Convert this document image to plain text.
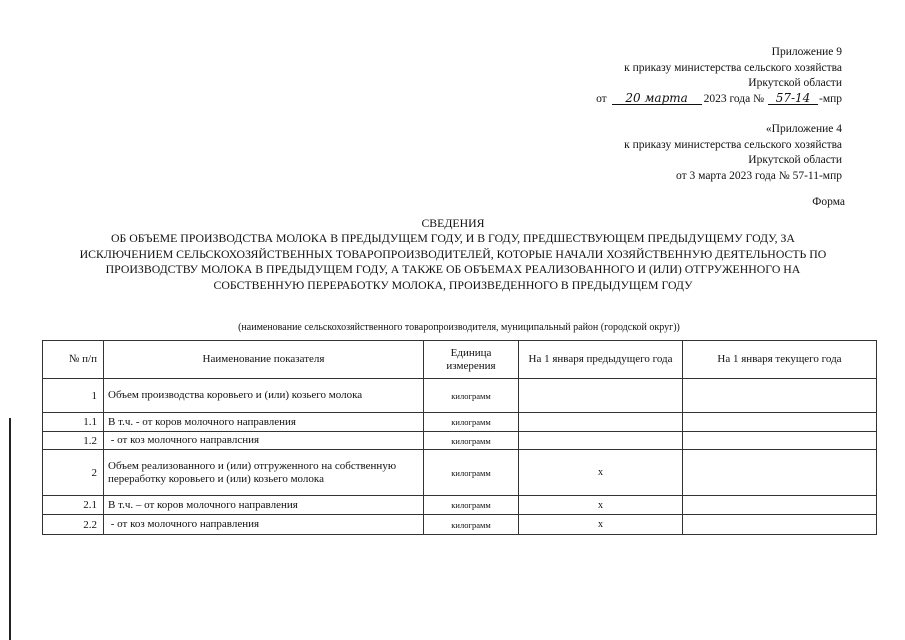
Приложение 9
к приказу министерства сельского хозяйства
Иркутской области
от 20 марта 2023 года № 57-14 -мпр
«Приложение 4
к приказу министерства сельского хозяйства
Иркутской области
от 3 марта 2023 года № 57-11-мпр
Форма
СВЕДЕНИЯ
ОБ ОБЪЕМЕ ПРОИЗВОДСТВА МОЛОКА В ПРЕДЫДУЩЕМ ГОДУ, И В ГОДУ, ПРЕДШЕСТВУЮЩЕМ ПРЕДЫДУЩЕМУ ГОДУ, ЗА
ИСКЛЮЧЕНИЕМ СЕЛЬСКОХОЗЯЙСТВЕННЫХ ТОВАРОПРОИЗВОДИТЕЛЕЙ, КОТОРЫЕ НАЧАЛИ ХОЗЯЙСТВЕННУЮ ДЕЯТЕЛЬНОСТЬ ПО
ПРОИЗВОДСТВУ МОЛОКА В ПРЕДЫДУЩЕМ ГОДУ, А ТАКЖЕ ОБ ОБЪЕМАХ РЕАЛИЗОВАННОГО И (ИЛИ) ОТГРУЖЕННОГО НА
СОБСТВЕННУЮ ПЕРЕРАБОТКУ МОЛОКА, ПРОИЗВЕДЕННОГО В ПРЕДЫДУЩЕМ ГОДУ
(наименование сельскохозяйственного товаропроизводителя, муниципальный район (городской округ))
№ п/п	Наименование показателя	Единица измерения	На 1 января предыдущего года	На 1 января текущего года
1	Объем производства коровьего и (или) козьего молока	килограмм		
1.1	В т.ч. - от коров молочного направления	килограмм		
1.2	- от коз молочного направлсния	килограмм		
2	Объем реализованного и (или) отгруженного на собственную переработку коровьего и (или) козьего молока	килограмм	х	
2.1	В т.ч. – от коров молочного направления	килограмм	х	
2.2	- от коз молочного направления	килограмм	х	
